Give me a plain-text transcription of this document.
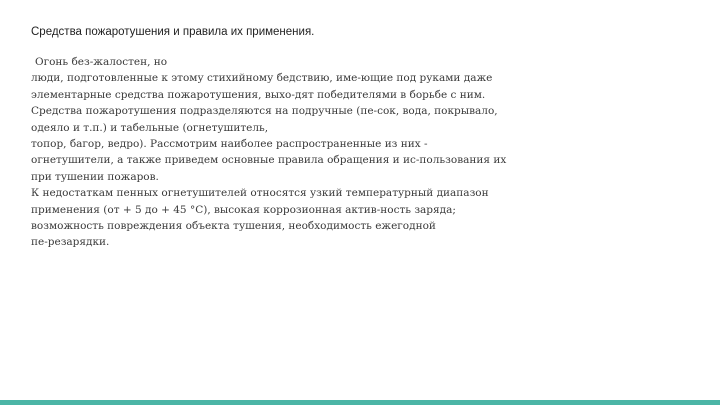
Средства пожаротушения и правила их применения.
Огонь без-жалостен, но
люди, подготовленные к этому стихийному бедствию, име-ющие под руками даже
элементарные средства пожаротушения, выхо-дят победителями в борьбе с ним.
Средства пожаротушения подразделяются на подручные (пе-сок, вода, покрывало,
одеяло и т.п.) и табельные (огнетушитель,
топор, багор, ведро). Рассмотрим наиболее распространенные из них -
огнетушители, а также приведем основные правила обращения и ис-пользования их
при тушении пожаров.
К недостаткам пенных огнетушителей относятся узкий температурный диапазон
применения (от + 5 до + 45 °С), высокая коррозионная актив-ность заряда;
возможность повреждения объекта тушения, необходимость ежегодной
пе-резарядки.
